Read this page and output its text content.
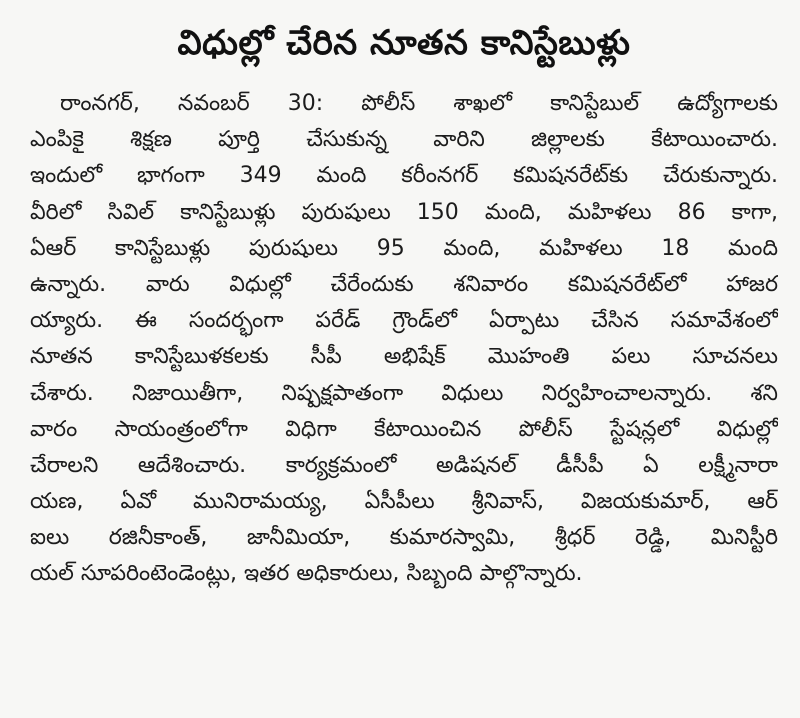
విధుల్లో చేరిన నూతన కానిస్టేబుళ్లు
రాంనగర్, నవంబర్ 30: పోలీస్ శాఖలో కానిస్టేబుల్ ఉద్యోగాలకు
ఎంపికై శిక్షణ పూర్తి చేసుకున్న వారిని జిల్లాలకు కేటాయించారు.
ఇందులో భాగంగా 349 మంది కరీంనగర్ కమిషనరేట్‌కు చేరుకున్నారు.
వీరిలో సివిల్ కానిస్టేబుళ్లు పురుషులు 150 మంది, మహిళలు 86 కాగా,
ఏఆర్ కానిస్టేబుళ్లు పురుషులు 95 మంది, మహిళలు 18 మంది
ఉన్నారు. వారు విధుల్లో చేరేందుకు శనివారం కమిషనరేట్‌లో హాజర
య్యారు. ఈ సందర్భంగా పరేడ్ గ్రౌండ్‌లో ఏర్పాటు చేసిన సమావేశంలో
నూతన కానిస్టేబుళకలకు సీపీ అభిషేక్ మొహంతి పలు సూచనలు
చేశారు. నిజాయితీగా, నిష్పక్షపాతంగా విధులు నిర్వహించాలన్నారు. శని
వారం సాయంత్రంలోగా విధిగా కేటాయించిన పోలీస్ స్టేషన్లలో విధుల్లో
చేరాలని ఆదేశించారు. కార్యక్రమంలో అడిషనల్ డీసీపీ ఏ లక్ష్మీనారా
యణ, ఏవో మునిరామయ్య, ఏసీపీలు శ్రీనివాస్, విజయకుమార్, ఆర్
ఐలు రజినీకాంత్, జానీమియా, కుమారస్వామి, శ్రీధర్ రెడ్డి, మినిస్టీరి
యల్ సూపరింటెండెంట్లు, ఇతర అధికారులు, సిబ్బంది పాల్గొన్నారు.
